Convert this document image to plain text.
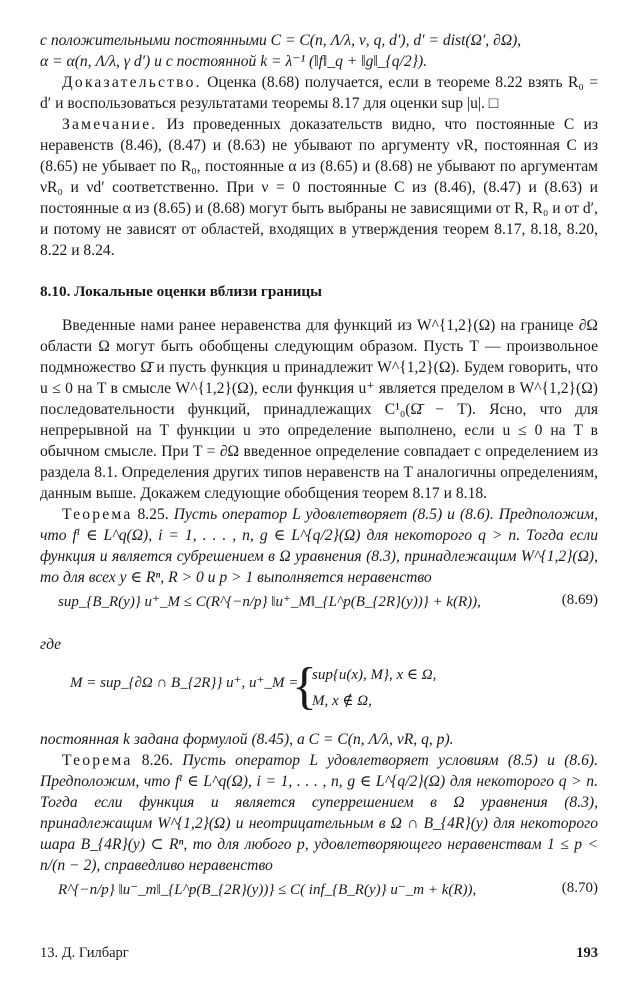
с положительными постоянными C = C(n, Λ/λ, ν, q, d′), d′ = dist(Ω′, ∂Ω),

α = α(n, Λ/λ, γ d′) и с постоянной k = λ⁻¹ (‖f‖_q + ‖g‖_{q/2}).

Доказательство. Оценка (8.68) получается, если в теореме 8.22 взять R₀ = d′ и воспользоваться результатами теоремы 8.17 для оценки sup |u|. □

Замечание. Из проведенных доказательств видно, что постоянные C из неравенств (8.46), (8.47) и (8.63) не убывают по аргументу νR, постоянная C из (8.65) не убывает по R₀, постоянные α из (8.65) и (8.68) не убывают по аргументам νR₀ и νd′ соответственно. При ν = 0 постоянные C из (8.46), (8.47) и (8.63) и постоянные α из (8.65) и (8.68) могут быть выбраны не зависящими от R, R₀ и от d′, и потому не зависят от областей, входящих в утверждения теорем 8.17, 8.18, 8.20, 8.22 и 8.24.

8.10. Локальные оценки вблизи границы

Введенные нами ранее неравенства для функций из W^{1,2}(Ω) на границе ∂Ω области Ω могут быть обобщены следующим образом. Пусть T — произвольное подмножество Ω̄ и пусть функция u принадлежит W^{1,2}(Ω). Будем говорить, что u ≤ 0 на T в смысле W^{1,2}(Ω), если функция u⁺ является пределом в W^{1,2}(Ω) последовательности функций, принадлежащих C¹₀(Ω̄ − T). Ясно, что для непрерывной на T функции u это определение выполнено, если u ≤ 0 на T в обычном смысле. При T = ∂Ω введенное определение совпадает с определением из раздела 8.1. Определения других типов неравенств на T аналогичны определениям, данным выше. Докажем следующие обобщения теорем 8.17 и 8.18.

Теорема 8.25. Пусть оператор L удовлетворяет (8.5) и (8.6). Предположим, что fⁱ ∈ L^q(Ω), i = 1, . . . , n, g ∈ L^{q/2}(Ω) для некоторого q > n. Тогда если функция u является субрешением в Ω уравнения (8.3), принадлежащим W^{1,2}(Ω), то для всех y ∈ Rⁿ, R > 0 и p > 1 выполняется неравенство

sup_{B_R(y)} u⁺_M ≤ C(R^{−n/p} ‖u⁺_M‖_{L^p(B_{2R}(y))} + k(R)),	(8.69)

где

M = sup_{∂Ω ∩ B_{2R}} u⁺, u⁺_M =
{
sup{u(x), M}, x ∈ Ω,
M, x ∉ Ω,

постоянная k задана формулой (8.45), а C = C(n, Λ/λ, νR, q, p).

Теорема 8.26. Пусть оператор L удовлетворяет условиям (8.5) и (8.6). Предположим, что fⁱ ∈ L^q(Ω), i = 1, . . . , n, g ∈ L^{q/2}(Ω) для некоторого q > n. Тогда если функция u является суперрешением в Ω уравнения (8.3), принадлежащим W^{1,2}(Ω) и неотрицательным в Ω ∩ B_{4R}(y) для некоторого шара B_{4R}(y) ⊂ Rⁿ, то для любого p, удовлетворяющего неравенствам 1 ≤ p < n/(n − 2), справедливо неравенство

R^{−n/p} ‖u⁻_m‖_{L^p(B_{2R}(y))} ≤ C( inf_{B_R(y)} u⁻_m + k(R)),	(8.70)
13. Д. Гилбарг	193
